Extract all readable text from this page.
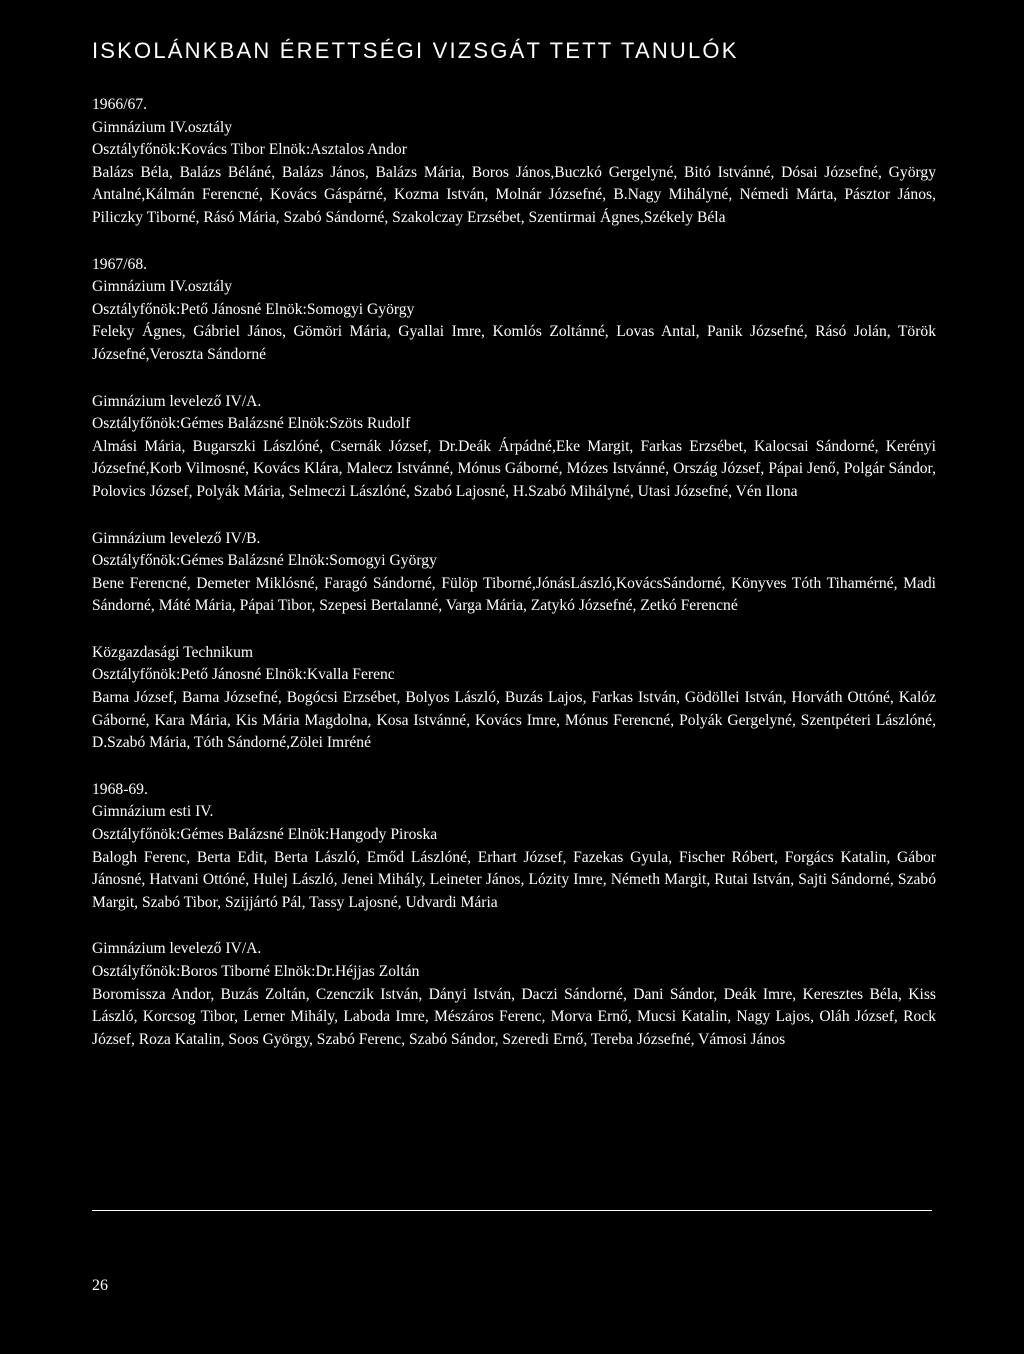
ISKOLÁNKBAN ÉRETTSÉGI VIZSGÁT TETT TANULÓK
1966/67.
Gimnázium IV.osztály
Osztályfőnök:Kovács Tibor Elnök:Asztalos Andor
Balázs Béla, Balázs Béláné, Balázs János, Balázs Mária, Boros János,Buczkó Gergelyné, Bitó Istvánné, Dósai Józsefné, György Antalné,Kálmán Ferencné, Kovács Gáspárné, Kozma István, Molnár Józsefné, B.Nagy Mihályné, Némedi Márta, Pásztor János, Piliczky Tiborné, Rásó Mária, Szabó Sándorné, Szakolczay Erzsébet, Szentirmai Ágnes,Székely Béla
1967/68.
Gimnázium IV.osztály
Osztályfőnök:Pető Jánosné Elnök:Somogyi György
Feleky Ágnes, Gábriel János, Gömöri Mária, Gyallai Imre, Komlós Zoltánné, Lovas Antal, Panik Józsefné, Rásó Jolán, Török Józsefné,Veroszta Sándorné
Gimnázium levelező IV/A.
Osztályfőnök:Gémes Balázsné Elnök:Szöts Rudolf
Almási Mária, Bugarszki Lászlóné, Csernák József, Dr.Deák Árpádné,Eke Margit, Farkas Erzsébet, Kalocsai Sándorné, Kerényi Józsefné,Korb Vilmosné, Kovács Klára, Malecz Istvánné, Mónus Gáborné, Mózes Istvánné, Ország József, Pápai Jenő, Polgár Sándor, Polovics József, Polyák Mária, Selmeczi Lászlóné, Szabó Lajosné, H.Szabó Mihályné, Utasi Józsefné, Vén Ilona
Gimnázium levelező IV/B.
Osztályfőnök:Gémes Balázsné Elnök:Somogyi György
Bene Ferencné, Demeter Miklósné, Faragó Sándorné, Fülöp Tiborné,JónásLászló,KovácsSándorné, Könyves Tóth Tihamérné, Madi Sándorné, Máté Mária, Pápai Tibor, Szepesi Bertalanné, Varga Mária, Zatykó Józsefné, Zetkó Ferencné
Közgazdasági Technikum
Osztályfőnök:Pető Jánosné Elnök:Kvalla Ferenc
Barna József, Barna Józsefné, Bogócsi Erzsébet, Bolyos László, Buzás Lajos, Farkas István, Gödöllei István, Horváth Ottóné, Kalóz Gáborné, Kara Mária, Kis Mária Magdolna, Kosa Istvánné, Kovács Imre, Mónus Ferencné, Polyák Gergelyné, Szentpéteri Lászlóné, D.Szabó Mária, Tóth Sándorné,Zölei Imréné
1968-69.
Gimnázium esti IV.
Osztályfőnök:Gémes Balázsné Elnök:Hangody Piroska
Balogh Ferenc, Berta Edit, Berta László, Emőd Lászlóné, Erhart József, Fazekas Gyula, Fischer Róbert, Forgács Katalin, Gábor Jánosné, Hatvani Ottóné, Hulej László, Jenei Mihály, Leineter János, Lózity Imre, Németh Margit, Rutai István, Sajti Sándorné, Szabó Margit, Szabó Tibor, Szijjártó Pál, Tassy Lajosné, Udvardi Mária
Gimnázium levelező IV/A.
Osztályfőnök:Boros Tiborné Elnök:Dr.Héjjas Zoltán
Boromissza Andor, Buzás Zoltán, Czenczik István, Dányi István, Daczi Sándorné, Dani Sándor, Deák Imre, Keresztes Béla, Kiss László, Korcsog Tibor, Lerner Mihály, Laboda Imre, Mészáros Ferenc, Morva Ernő, Mucsi Katalin, Nagy Lajos, Oláh József, Rock József, Roza Katalin, Soos György, Szabó Ferenc, Szabó Sándor, Szeredi Ernő, Tereba Józsefné, Vámosi János
26
